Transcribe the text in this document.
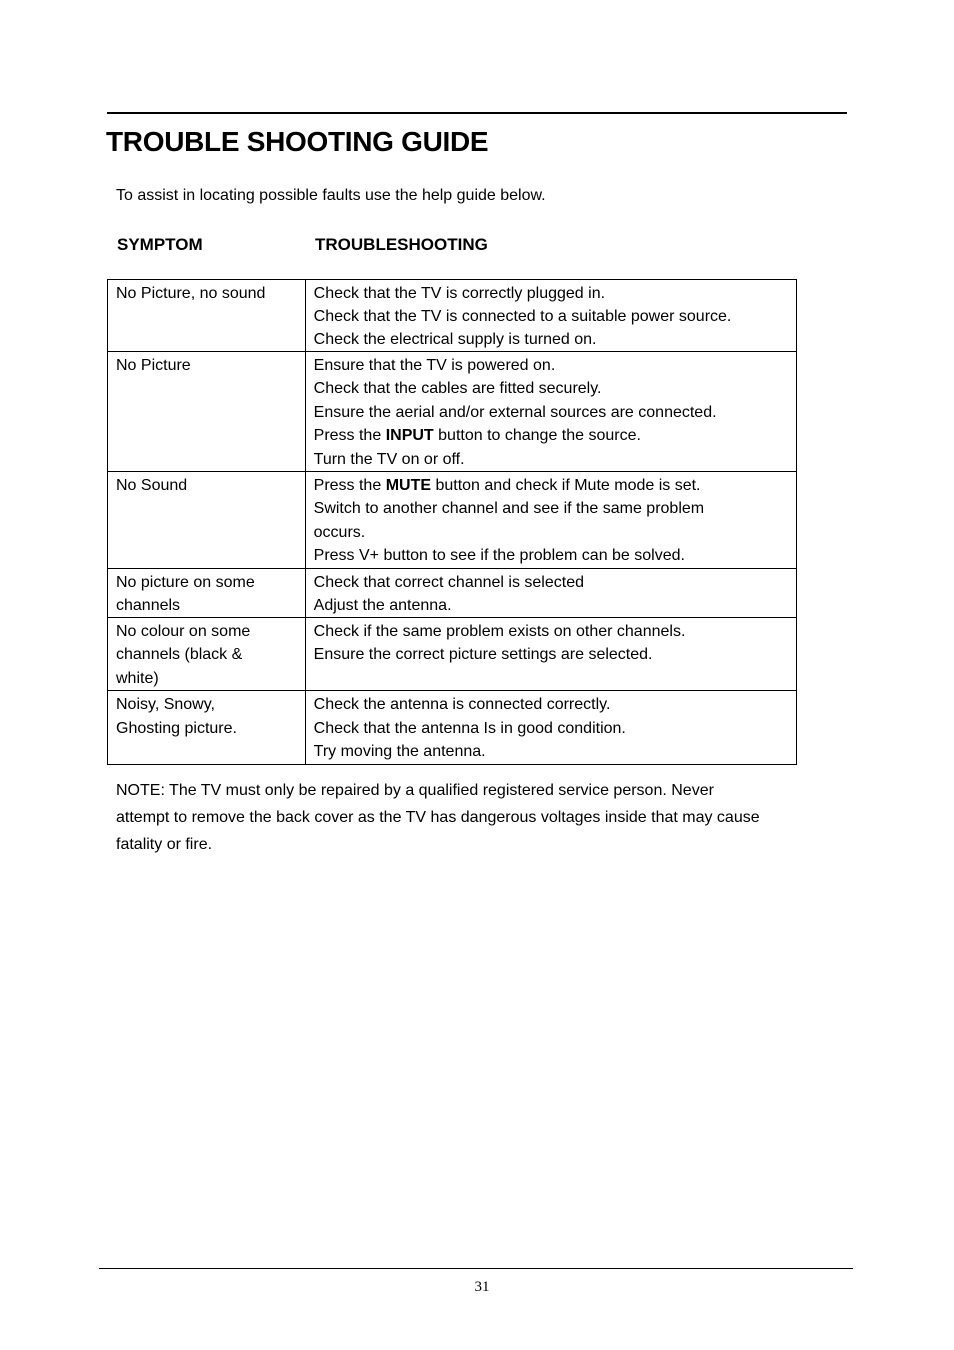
TROUBLE SHOOTING GUIDE

To assist in locating possible faults use the help guide below.

SYMPTOM	TROUBLESHOOTING

No Picture, no sound	Check that the TV is correctly plugged in.
Check that the TV is connected to a suitable power source.
Check the electrical supply is turned on.

No Picture	Ensure that the TV is powered on.
Check that the cables are fitted securely.
Ensure the aerial and/or external sources are connected.
Press the INPUT button to change the source.
Turn the TV on or off.

No Sound	Press the MUTE button and check if Mute mode is set.
Switch to another channel and see if the same problem
occurs.
Press V+ button to see if the problem can be solved.

No picture on some
channels	Check that correct channel is selected
Adjust the antenna.

No colour on some
channels (black &
white)	Check if the same problem exists on other channels.
Ensure the correct picture settings are selected.

Noisy, Snowy,
Ghosting picture.	Check the antenna is connected correctly.
Check that the antenna Is in good condition.
Try moving the antenna.
NOTE: The TV must only be repaired by a qualified registered service person. Never
attempt to remove the back cover as the TV has dangerous voltages inside that may cause
fatality or fire.

31
